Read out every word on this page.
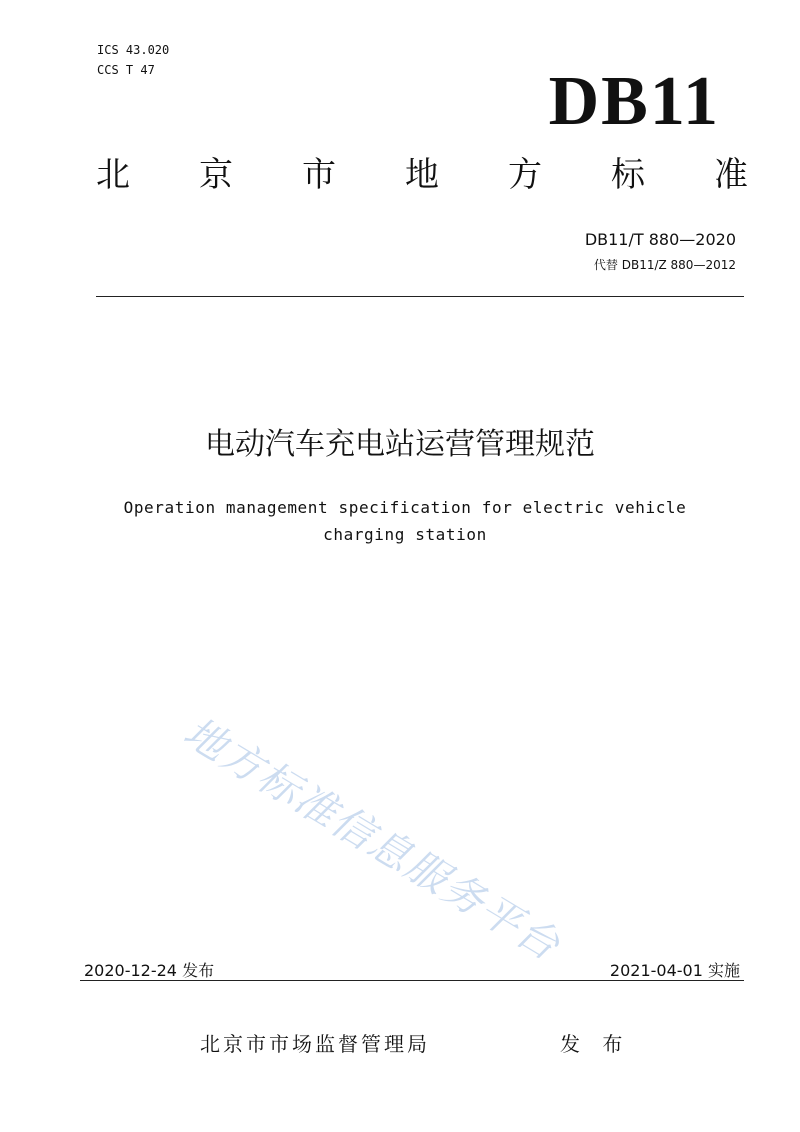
ICS 43.020
CCS T 47	DB11
北 京 市 地 方 标 准
DB11/T 880—2020
代替 DB11/Z 880—2012
电动汽车充电站运营管理规范
Operation management specification for electric vehicle charging station
地方标准信息服务平台
2020-12-24 发布	2021-04-01 实施
北京市市场监督管理局	发 布
